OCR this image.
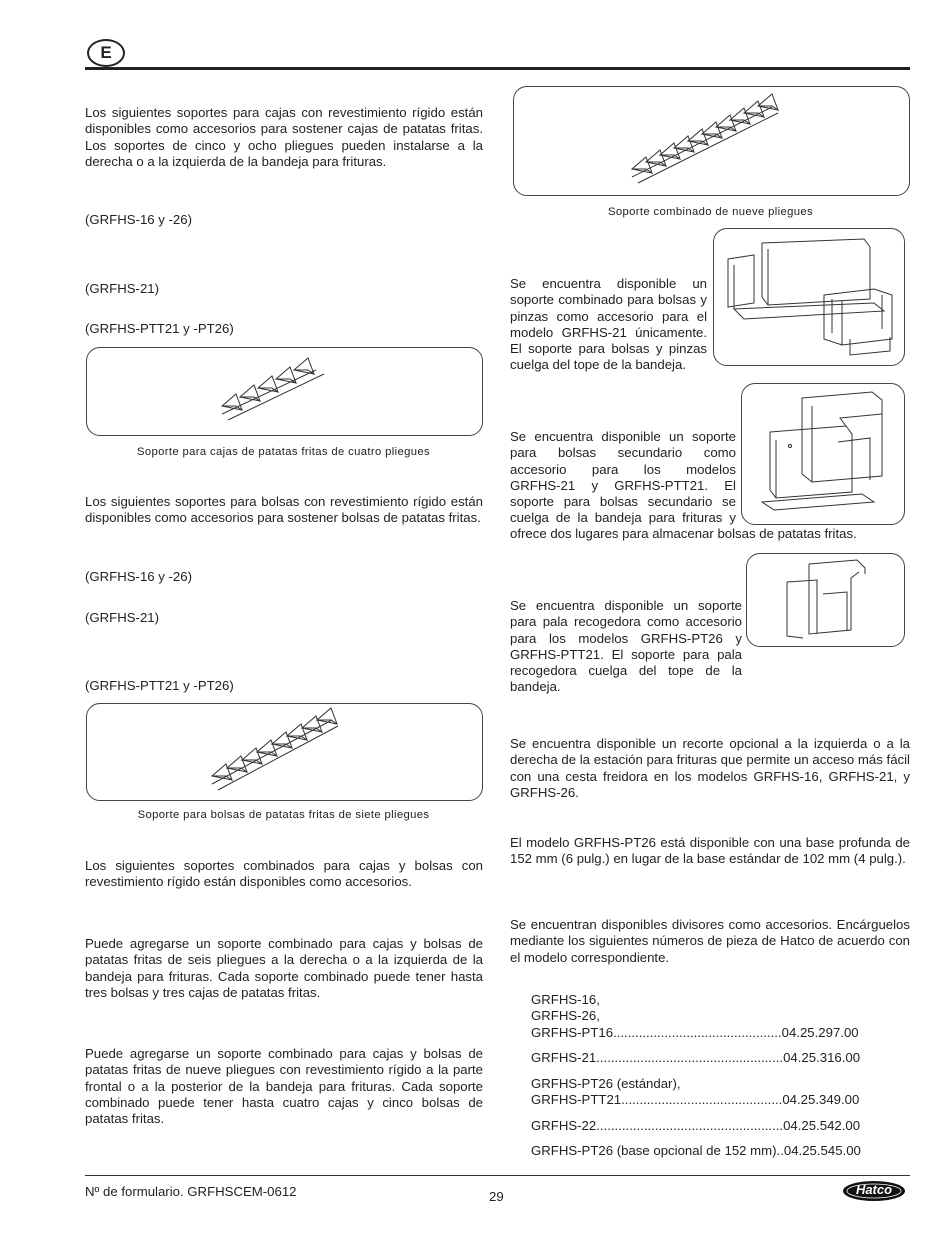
E
Los siguientes soportes para cajas con revestimiento rígido están disponibles como accesorios para sostener cajas de patatas fritas. Los soportes de cinco y ocho pliegues pueden instalarse a la derecha o a la izquierda de la bandeja para frituras.
(GRFHS-16 y -26)
(GRFHS-21)
(GRFHS-PTT21 y -PT26)
Soporte para cajas de patatas fritas de cuatro pliegues
Los siguientes soportes para bolsas con revestimiento rígido están disponibles como accesorios para sostener bolsas de patatas fritas.
(GRFHS-16 y -26)
(GRFHS-21)
(GRFHS-PTT21 y -PT26)
Soporte para bolsas de patatas fritas de siete pliegues
Los siguientes soportes combinados para cajas y bolsas con revestimiento rígido están disponibles como accesorios.
Puede agregarse un soporte combinado para cajas y bolsas de patatas fritas de seis pliegues a la derecha o a la izquierda de la bandeja para frituras. Cada soporte combinado puede tener hasta tres bolsas y tres cajas de patatas fritas.
Puede agregarse un soporte combinado para cajas y bolsas de patatas fritas de nueve pliegues con revestimiento rígido a la parte frontal o a la posterior de la bandeja para frituras. Cada soporte combinado puede tener hasta cuatro cajas y cinco bolsas de patatas fritas.
Soporte combinado de nueve pliegues
Se encuentra disponible un soporte combinado para bolsas y pinzas como accesorio para el modelo GRFHS-21 únicamente. El soporte para bolsas y pinzas cuelga del tope de la bandeja.
Se encuentra disponible un soporte
para bolsas secundario como
accesorio para los modelos
GRFHS-21 y GRFHS-PTT21. El
soporte para bolsas secundario se
cuelga de la bandeja para frituras y
ofrece dos lugares para almacenar bolsas de patatas fritas.
Se encuentra disponible un soporte para pala recogedora como accesorio para los modelos GRFHS-PT26 y GRFHS-PTT21. El soporte para pala recogedora cuelga del tope de la bandeja.
Se encuentra disponible un recorte opcional a la izquierda o a la derecha de la estación para frituras que permite un acceso más fácil con una cesta freidora en los modelos GRFHS-16, GRFHS-21, y GRFHS-26.
El modelo GRFHS-PT26 está disponible con una base profunda de 152 mm (6 pulg.) en lugar de la base estándar de 102 mm (4 pulg.).
Se encuentran disponibles divisores como accesorios. Encárguelos mediante los siguientes números de pieza de Hatco de acuerdo con el modelo correspondiente.
GRFHS-16,
GRFHS-26,
GRFHS-PT16..............................................04.25.297.00
GRFHS-21...................................................04.25.316.00
GRFHS-PT26 (estándar),
GRFHS-PTT21............................................04.25.349.00
GRFHS-22...................................................04.25.542.00
GRFHS-PT26 (base opcional de 152 mm)..04.25.545.00
Nº de formulario. GRFHSCEM-0612	29	Hatco
